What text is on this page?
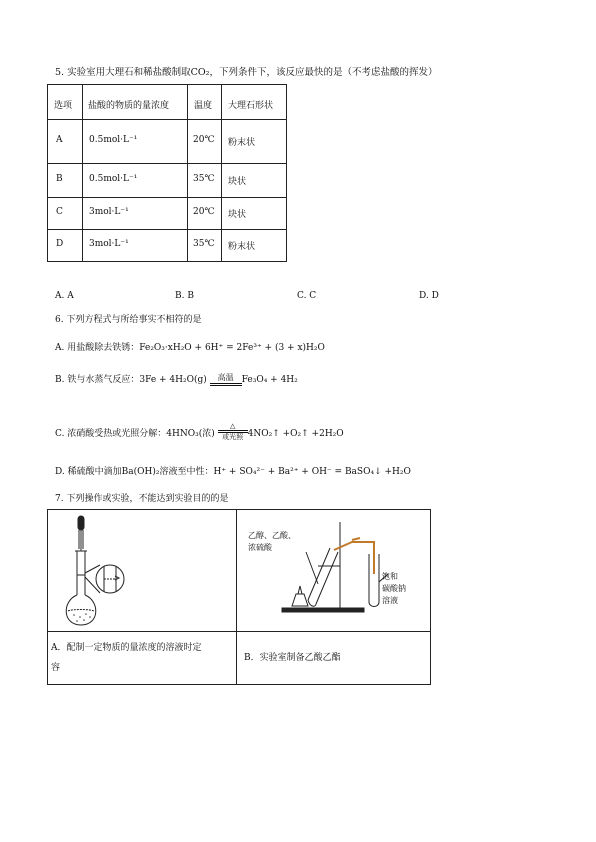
5. 实验室用大理石和稀盐酸制取CO₂，下列条件下，该反应最快的是（不考虑盐酸的挥发）
选项 盐酸的物质的量浓度	温度 大理石形状
A	0.5mol·L⁻¹	20℃ 粉末状
B	0.5mol·L⁻¹	35℃ 块状
C	3mol·L⁻¹	20℃ 块状
D	3mol·L⁻¹	35℃ 粉末状
A. A	B. B	C. C	D. D
6. 下列方程式与所给事实不相符的是
A. 用盐酸除去铁锈：Fe₂O₃·xH₂O + 6H⁺ = 2Fe³⁺ + (3 + x)H₂O
B. 铁与水蒸气反应：3Fe + 4H₂O(g)	高温 Fe₃O₄ + 4H₂
C. 浓硝酸受热或光照分解：4HNO₃(浓) $\frac{\triangle}{\text{或光照}}$ 4NO₂↑ +O₂↑ +2H₂O
D. 稀硫酸中滴加Ba(OH)₂溶液至中性：H⁺ + SO₄²⁻ + Ba²⁺ + OH⁻ = BaSO₄↓ +H₂O
7. 下列操作或实验，不能达到实验目的的是
A．配制一定物质的量浓度的溶液时定
容
乙醇、乙酸、
浓硫酸
饱和
碳酸钠
溶液
B．实验室制备乙酸乙酯
